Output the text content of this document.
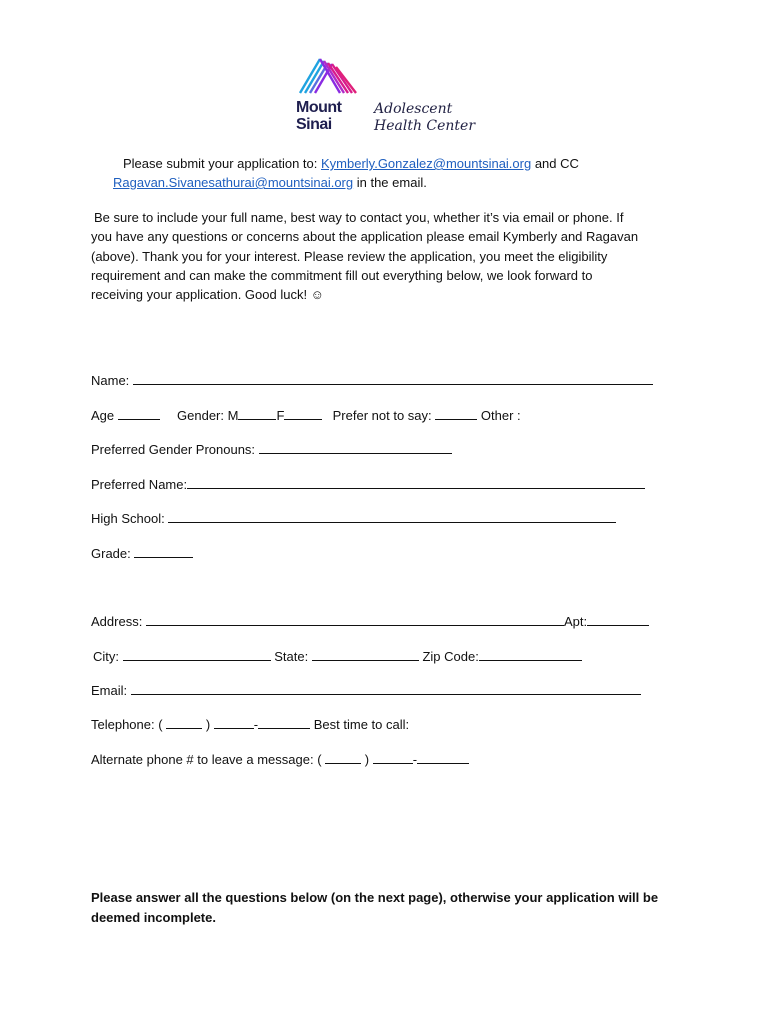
Mount
Sinai
Adolescent
Health Center
Please submit your application to: Kymberly.Gonzalez@mountsinai.org and CC
Ragavan.Sivanesathurai@mountsinai.org in the email.
Be sure to include your full name, best way to contact you, whether it’s via email or phone. If
you have any questions or concerns about the application please email Kymberly and Ragavan
(above). Thank you for your interest. Please review the application, you meet the eligibility
requirement and can make the commitment fill out everything below, we look forward to
receiving your application. Good luck! ☺
Name:
Age	Gender: M	F	Prefer not to say:	Other :
Preferred Gender Pronouns:
Preferred Name:
High School:
Grade:
Address:	Apt:
City:	State:	Zip Code:
Email:
Telephone: (	)	-	Best time to call:
Alternate phone # to leave a message: (	)	-
Please answer all the questions below (on the next page), otherwise your application will be
deemed incomplete.
